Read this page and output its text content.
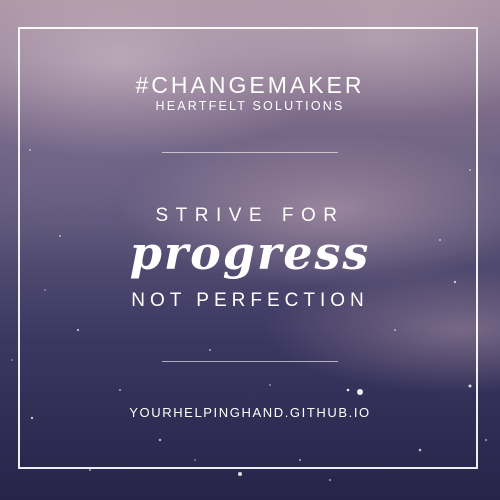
#CHANGEMAKER
HEARTFELT SOLUTIONS
STRIVE FOR
progress
NOT PERFECTION
YOURHELPINGHAND.GITHUB.IO
